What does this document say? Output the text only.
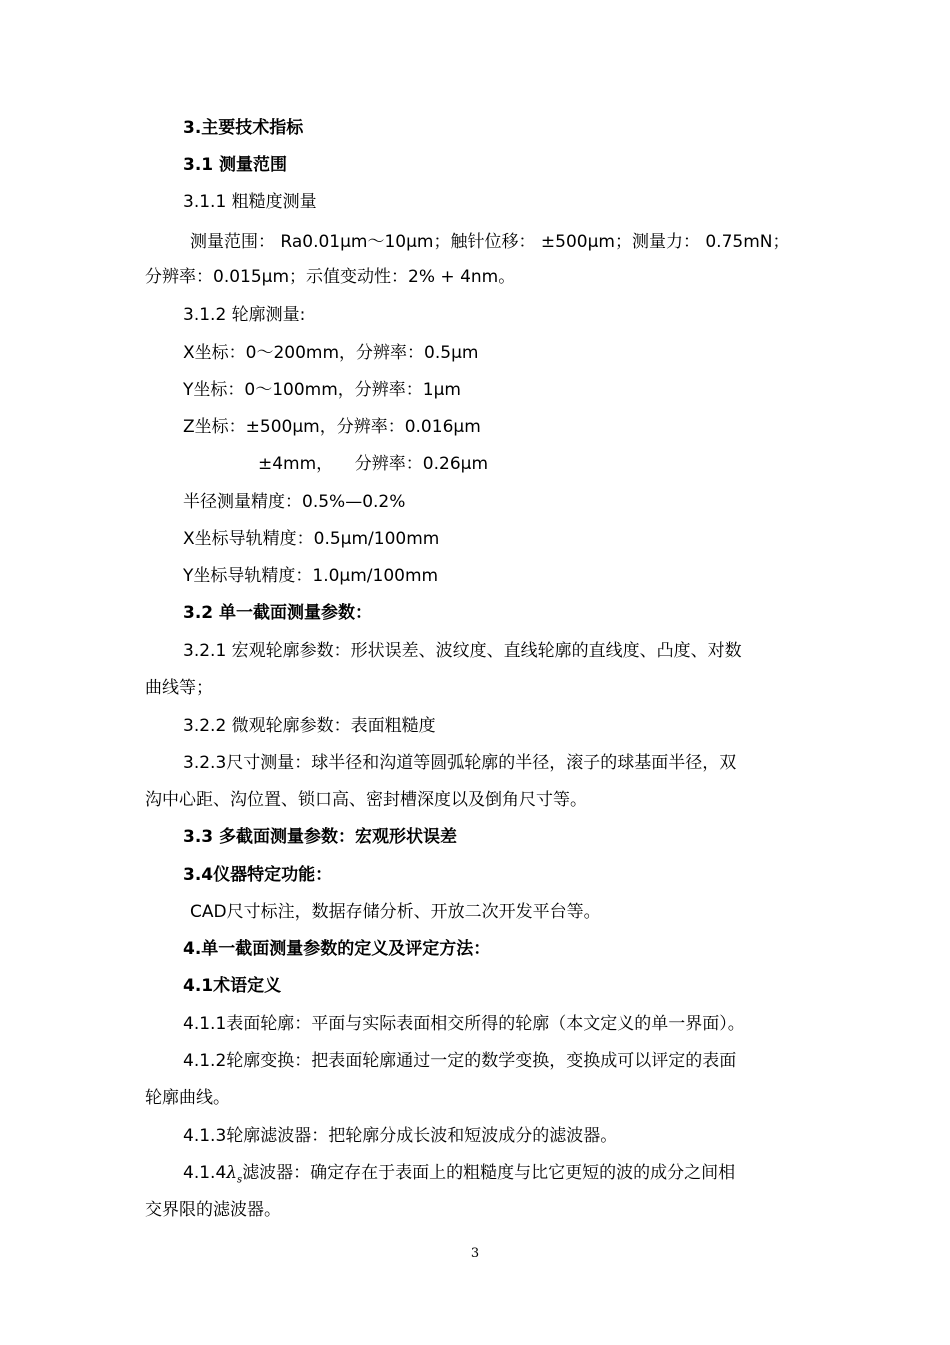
3.主要技术指标
3.1 测量范围
3.1.1 粗糙度测量
测量范围： Ra0.01μm～10μm；触针位移： ±500μm；测量力： 0.75mN；
分辨率：0.015μm；示值变动性：2% + 4nm。
3.1.2 轮廓测量:
X坐标：0～200mm，分辨率：0.5μm
Y坐标：0～100mm，分辨率：1μm
Z坐标：±500μm，分辨率：0.016μm
±4mm，    分辨率：0.26μm
半径测量精度：0.5%—0.2%
X坐标导轨精度：0.5μm/100mm
Y坐标导轨精度：1.0μm/100mm
3.2 单一截面测量参数：
3.2.1 宏观轮廓参数：形状误差、波纹度、直线轮廓的直线度、凸度、对数
曲线等；
3.2.2 微观轮廓参数：表面粗糙度
3.2.3尺寸测量：球半径和沟道等圆弧轮廓的半径，滚子的球基面半径，双
沟中心距、沟位置、锁口高、密封槽深度以及倒角尺寸等。
3.3 多截面测量参数：宏观形状误差
3.4仪器特定功能：
CAD尺寸标注，数据存储分析、开放二次开发平台等。
4.单一截面测量参数的定义及评定方法：
4.1术语定义
4.1.1表面轮廓：平面与实际表面相交所得的轮廓（本文定义的单一界面）。
4.1.2轮廓变换：把表面轮廓通过一定的数学变换，变换成可以评定的表面
轮廓曲线。
4.1.3轮廓滤波器：把轮廓分成长波和短波成分的滤波器。
$4.1.4\lambda_s$滤波器：确定存在于表面上的粗糙度与比它更短的波的成分之间相
交界限的滤波器。
3
